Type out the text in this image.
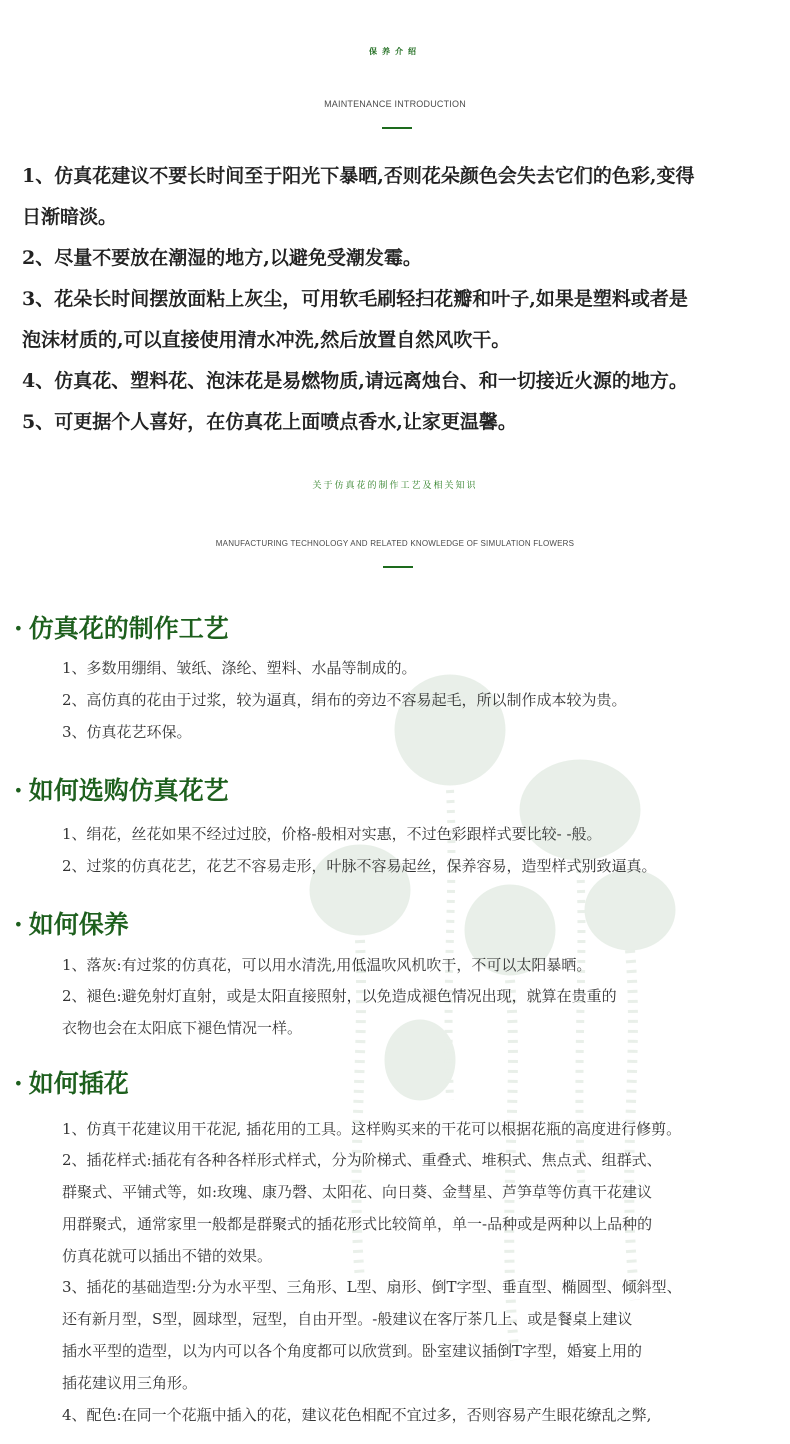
保养介绍

MAINTENANCE INTRODUCTION

1、仿真花建议不要长时间至于阳光下暴晒,否则花朵颜色会失去它们的色彩,变得

日渐暗淡。

2、尽量不要放在潮湿的地方,以避免受潮发霉。

3、花朵长时间摆放面粘上灰尘，可用软毛刷轻扫花瓣和叶子,如果是塑料或者是

泡沫材质的,可以直接使用清水冲洗,然后放置自然风吹干。

4、仿真花、塑料花、泡沫花是易燃物质,请远离烛台、和一切接近火源的地方。

5、可更据个人喜好，在仿真花上面喷点香水,让家更温馨。

关于仿真花的制作工艺及相关知识

MANUFACTURING TECHNOLOGY AND RELATED KNOWLEDGE OF SIMULATION FLOWERS

· 仿真花的制作工艺

1、多数用绷绢、皱纸、涤纶、塑料、水晶等制成的。

2、高仿真的花由于过浆，较为逼真，绢布的旁边不容易起毛，所以制作成本较为贵。

3、仿真花艺环保。

· 如何选购仿真花艺

1、绢花，丝花如果不经过过胶，价格-般相对实惠，不过色彩跟样式要比较- -般。

2、过浆的仿真花艺，花艺不容易走形，叶脉不容易起丝，保养容易，造型样式别致逼真。

· 如何保养

1、落灰:有过浆的仿真花，可以用水清洗,用低温吹风机吹干，不可以太阳暴晒。

2、褪色:避免射灯直射，或是太阳直接照射，以免造成褪色情况出现，就算在贵重的

衣物也会在太阳底下褪色情况一样。

· 如何插花

1、仿真干花建议用干花泥, 插花用的工具。这样购买来的干花可以根据花瓶的高度进行修剪。

2、插花样式:插花有各种各样形式样式，分为阶梯式、重叠式、堆积式、焦点式、组群式、

群聚式、平铺式等，如:玫瑰、康乃磬、太阳花、向日葵、金彗星、芦笋草等仿真干花建议

用群聚式，通常家里一般都是群聚式的插花形式比较简单，单一-品种或是两种以上品种的

仿真花就可以插出不错的效果。

3、插花的基础造型:分为水平型、三角形、L型、扇形、倒T字型、垂直型、椭圆型、倾斜型、

还有新月型，S型，圆球型，冠型，自由开型。-般建议在客厅茶几上、或是餐桌上建议

插水平型的造型，以为内可以各个角度都可以欣赏到。卧室建议插倒T字型，婚宴上用的

插花建议用三角形。

4、配色:在同一个花瓶中插入的花，建议花色相配不宜过多，否则容易产生眼花缭乱之弊,
